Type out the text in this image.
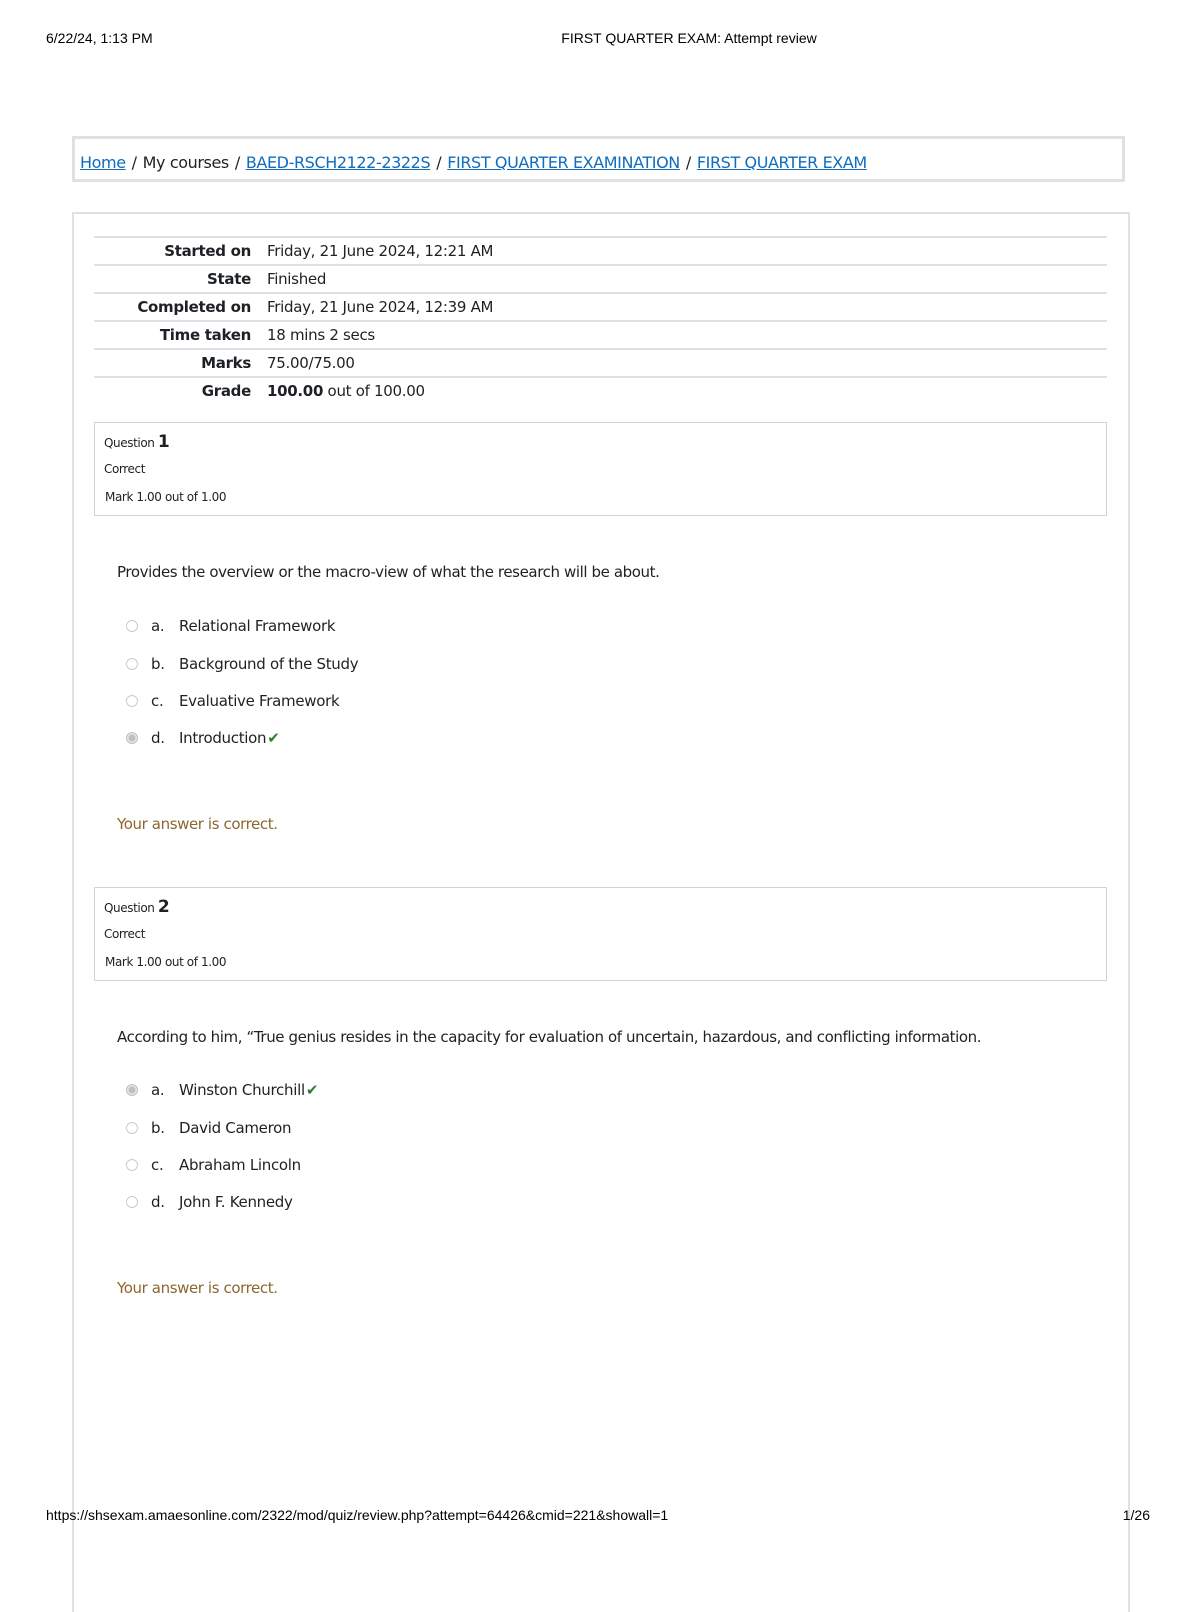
6/22/24, 1:13 PM	FIRST QUARTER EXAM: Attempt review
Home / My courses / BAED-RSCH2122-2322S / FIRST QUARTER EXAMINATION / FIRST QUARTER EXAM
Started on	Friday, 21 June 2024, 12:21 AM
State	Finished
Completed on	Friday, 21 June 2024, 12:39 AM
Time taken	18 mins 2 secs
Marks	75.00/75.00
Grade	100.00 out of 100.00
Question 1
Correct
Mark 1.00 out of 1.00
Provides the overview or the macro-view of what the research will be about.
a. Relational Framework
b. Background of the Study
c. Evaluative Framework
d. Introduction✔
Your answer is correct.
Question 2
Correct
Mark 1.00 out of 1.00
According to him, “True genius resides in the capacity for evaluation of uncertain, hazardous, and conflicting information.
a. Winston Churchill✔
b. David Cameron
c. Abraham Lincoln
d. John F. Kennedy
Your answer is correct.
https://shsexam.amaesonline.com/2322/mod/quiz/review.php?attempt=64426&cmid=221&showall=1	1/26
